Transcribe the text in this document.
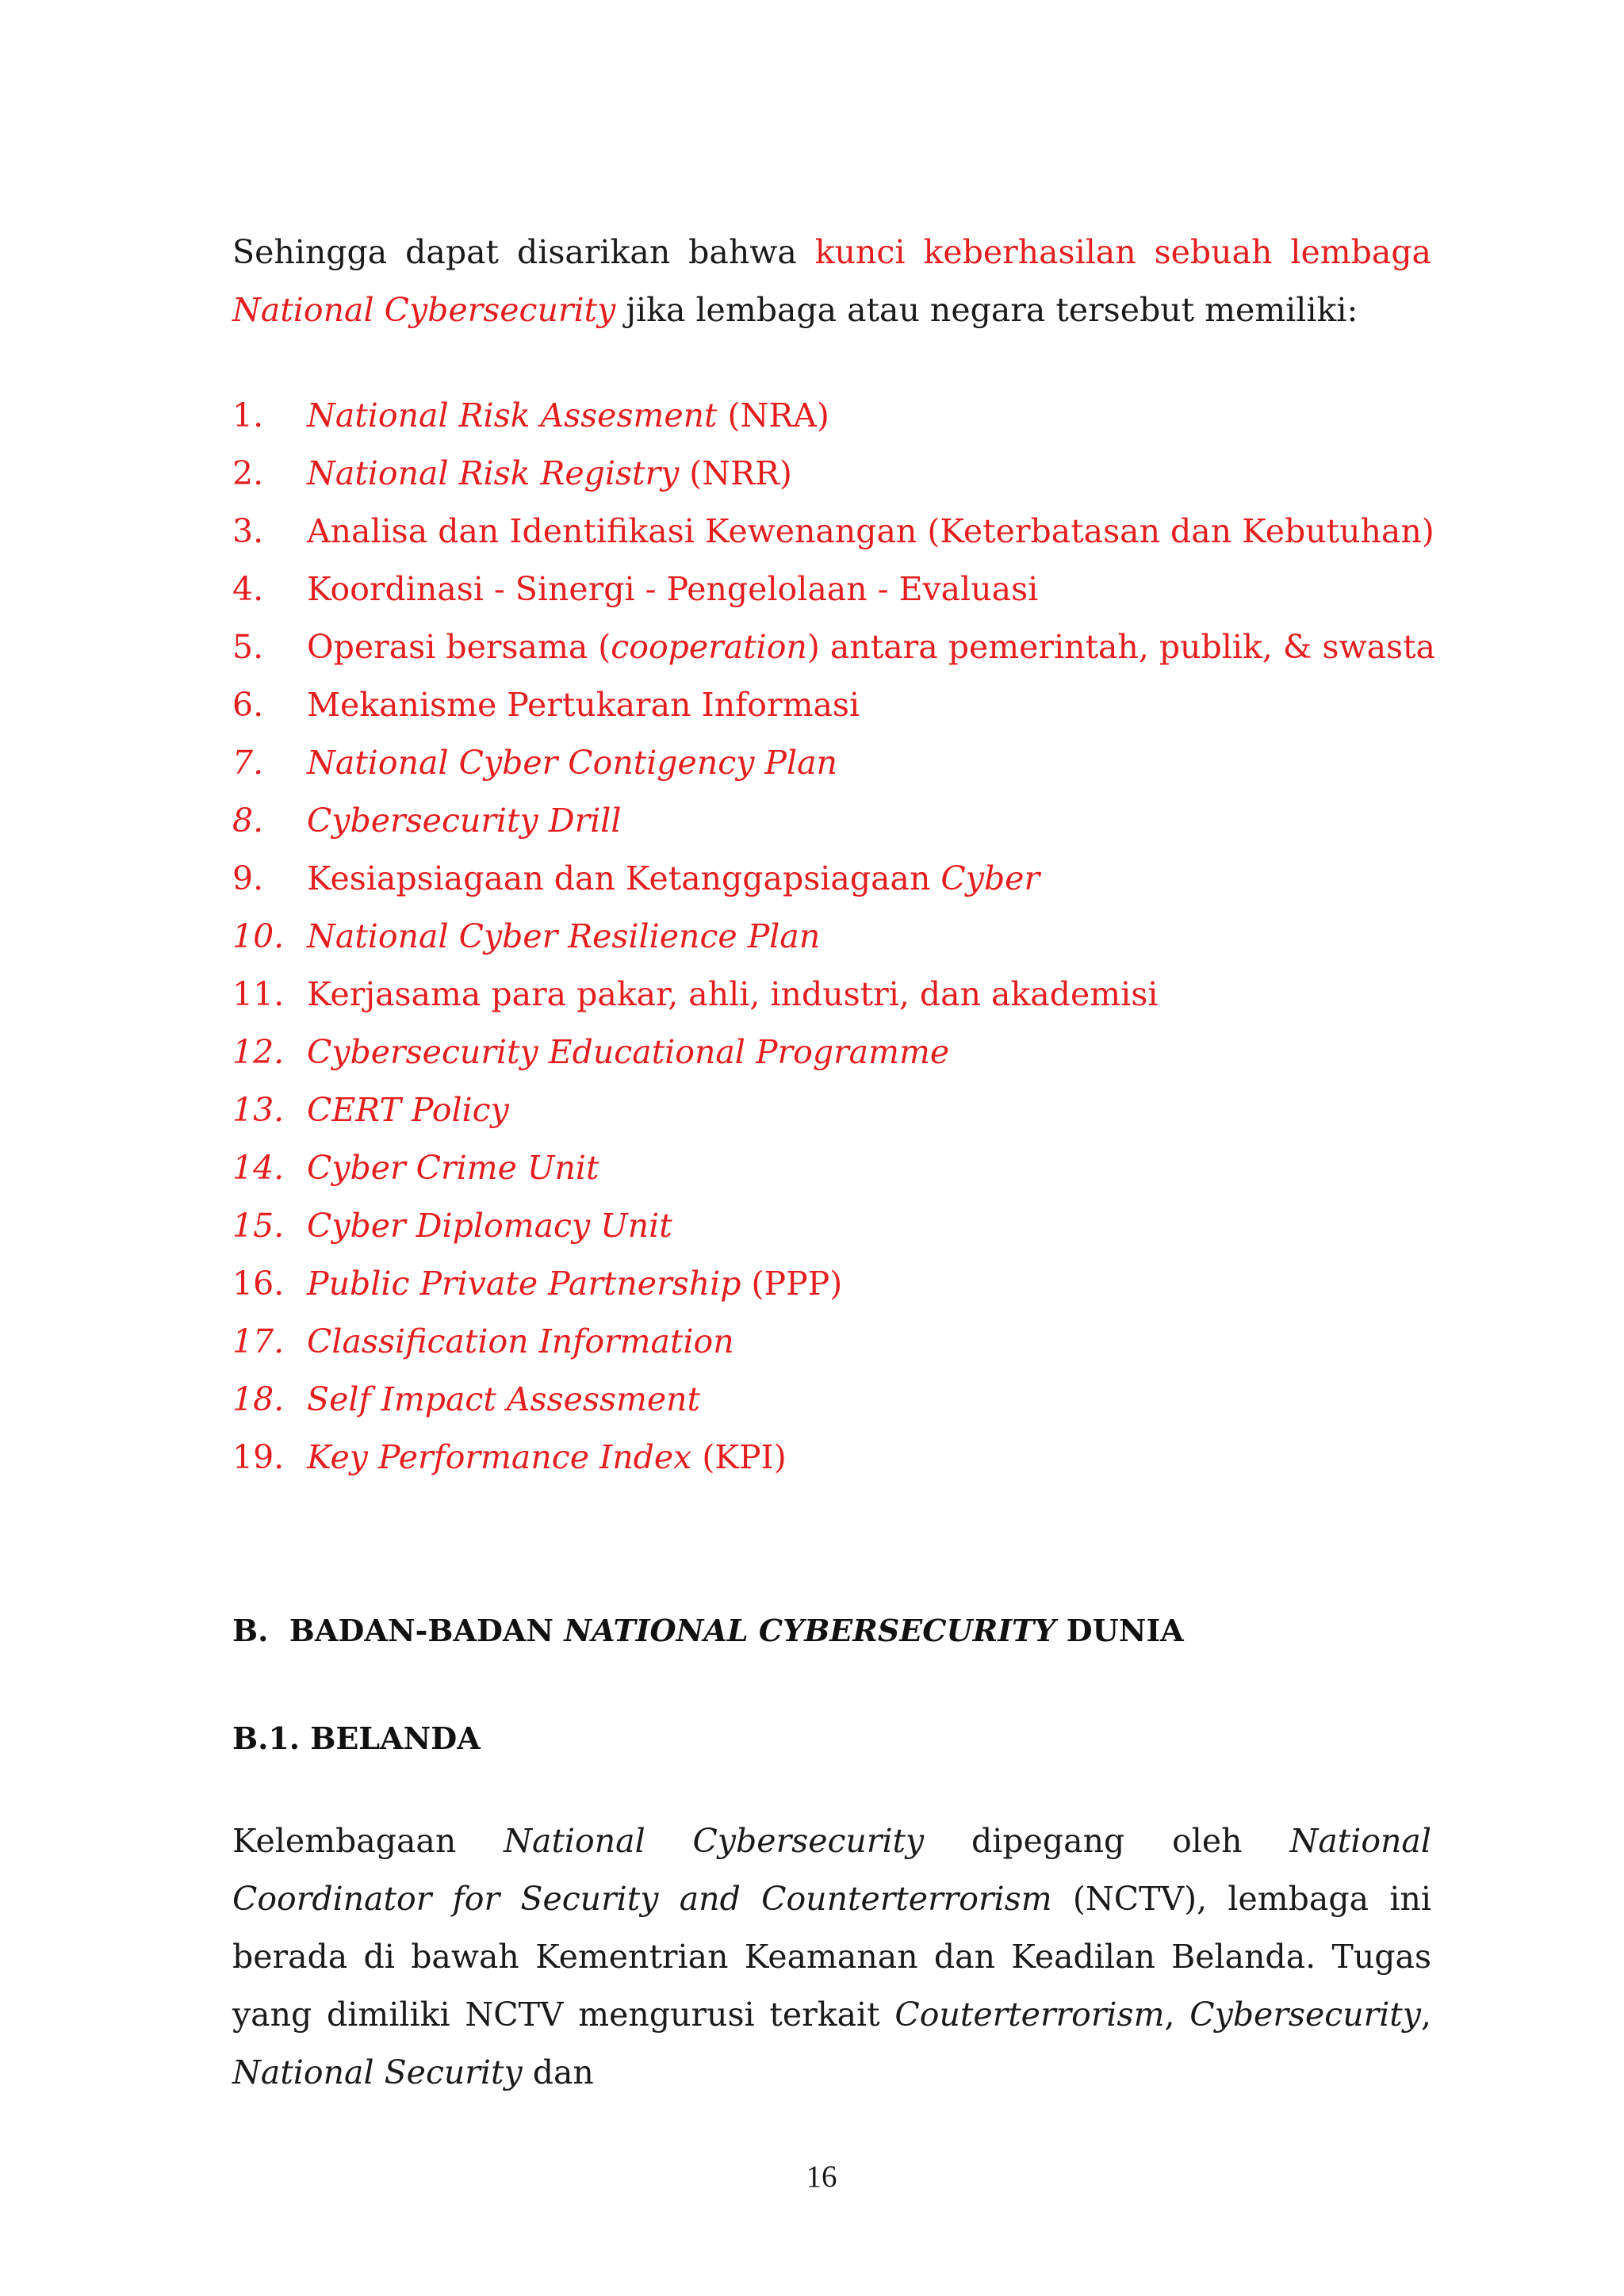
Sehingga dapat disarikan bahwa kunci keberhasilan sebuah lembaga National Cybersecurity jika lembaga atau negara tersebut memiliki:

1. National Risk Assesment (NRA)
2. National Risk Registry (NRR)
3. Analisa dan Identifikasi Kewenangan (Keterbatasan dan Kebutuhan)
4. Koordinasi - Sinergi - Pengelolaan - Evaluasi
5. Operasi bersama (cooperation) antara pemerintah, publik, & swasta
6. Mekanisme Pertukaran Informasi
7. National Cyber Contigency Plan
8. Cybersecurity Drill
9. Kesiapsiagaan dan Ketanggapsiagaan Cyber
10. National Cyber Resilience Plan
11. Kerjasama para pakar, ahli, industri, dan akademisi
12. Cybersecurity Educational Programme
13. CERT Policy
14. Cyber Crime Unit
15. Cyber Diplomacy Unit
16. Public Private Partnership (PPP)
17. Classification Information
18. Self Impact Assessment
19. Key Performance Index (KPI)
B.  BADAN-BADAN NATIONAL CYBERSECURITY DUNIA
B.1. BELANDA

Kelembagaan National Cybersecurity dipegang oleh National Coordinator for Security and Counterterrorism (NCTV), lembaga ini berada di bawah Kementrian Keamanan dan Keadilan Belanda. Tugas yang dimiliki NCTV mengurusi terkait Couterterrorism, Cybersecurity, National Security dan

16
